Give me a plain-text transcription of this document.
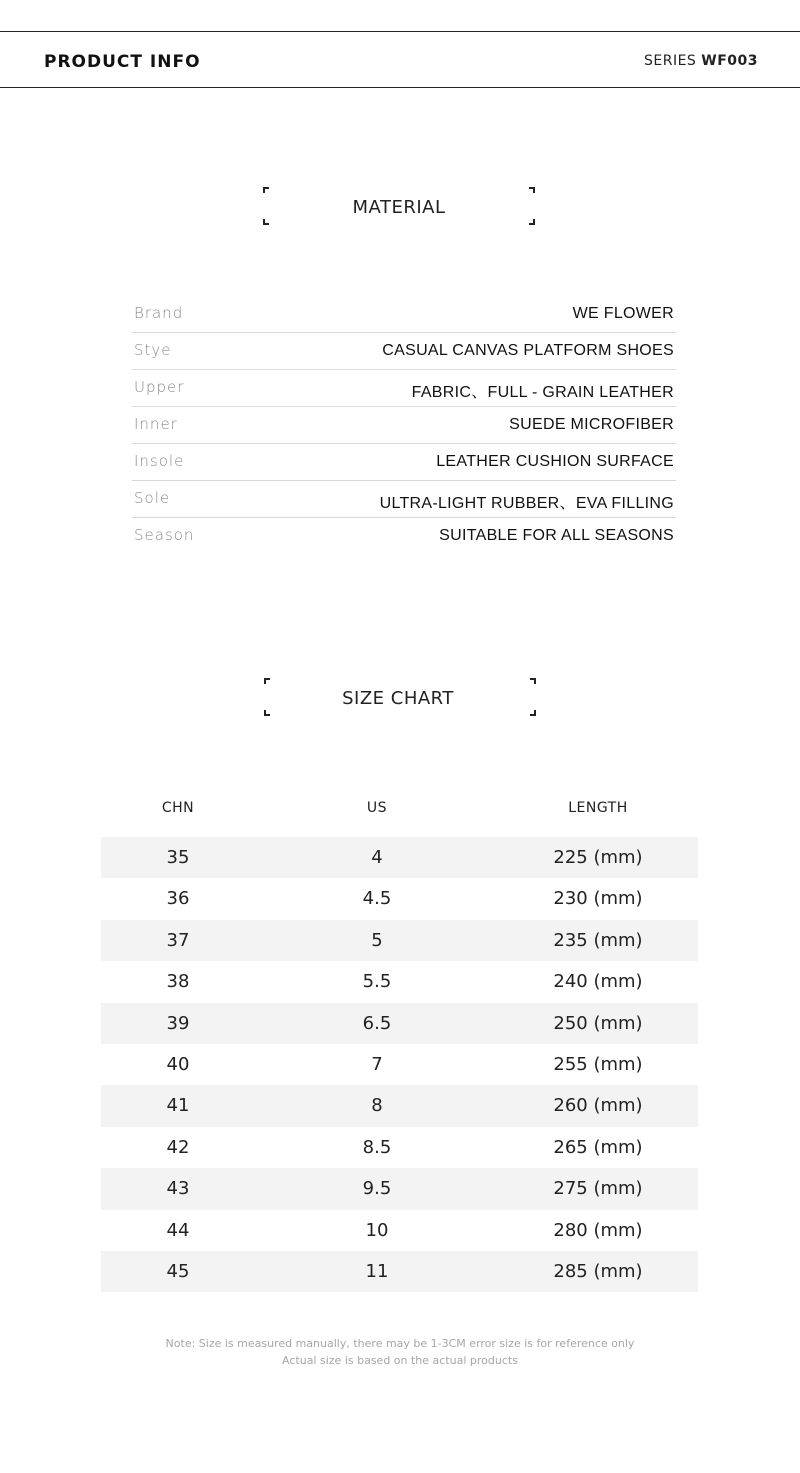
PRODUCT INFO	SERIES WF003
MATERIAL
Brand	WE FLOWER
Stye	CASUAL CANVAS PLATFORM SHOES
Upper	FABRIC、FULL - GRAIN LEATHER
Inner	SUEDE MICROFIBER
Insole	LEATHER CUSHION SURFACE
Sole	ULTRA-LIGHT RUBBER、EVA FILLING
Season	SUITABLE FOR ALL SEASONS
SIZE CHART
CHN	US	LENGTH
35	4	225 (mm)
36	4.5	230 (mm)
37	5	235 (mm)
38	5.5	240 (mm)
39	6.5	250 (mm)
40	7	255 (mm)
41	8	260 (mm)
42	8.5	265 (mm)
43	9.5	275 (mm)
44	10	280 (mm)
45	11	285 (mm)
Note: Size is measured manually, there may be 1-3CM error size is for reference only
Actual size is based on the actual products
